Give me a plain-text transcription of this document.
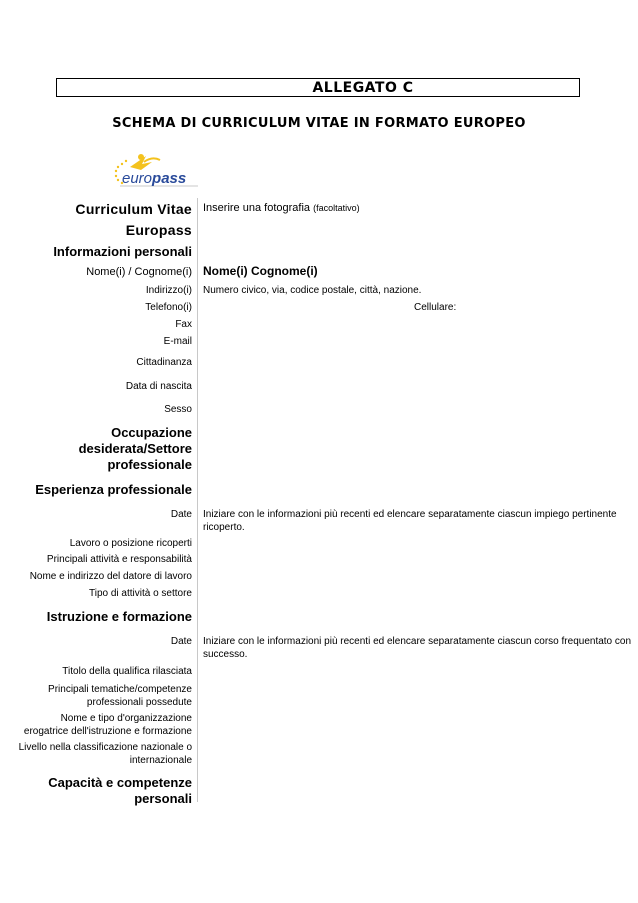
ALLEGATO C
SCHEMA DI CURRICULUM VITAE IN FORMATO EUROPEO
europass
Curriculum Vitae
Europass
Inserire una fotografia (facoltativo)
Informazioni personali
Nome(i) / Cognome(i) Nome(i) Cognome(i)
Indirizzo(i) Numero civico, via, codice postale, città, nazione.
Telefono(i)	Cellulare:
Fax
E-mail
Cittadinanza
Data di nascita
Sesso
Occupazione
desiderata/Settore
professionale
Esperienza professionale
Date Iniziare con le informazioni più recenti ed elencare separatamente ciascun impiego pertinente
ricoperto.
Lavoro o posizione ricoperti
Principali attività e responsabilità
Nome e indirizzo del datore di lavoro
Tipo di attività o settore
Istruzione e formazione
Date Iniziare con le informazioni più recenti ed elencare separatamente ciascun corso frequentato con
successo.
Titolo della qualifica rilasciata
Principali tematiche/competenze
professionali possedute
Nome e tipo d'organizzazione
erogatrice dell'istruzione e formazione
Livello nella classificazione nazionale o
internazionale
Capacità e competenze
personali
